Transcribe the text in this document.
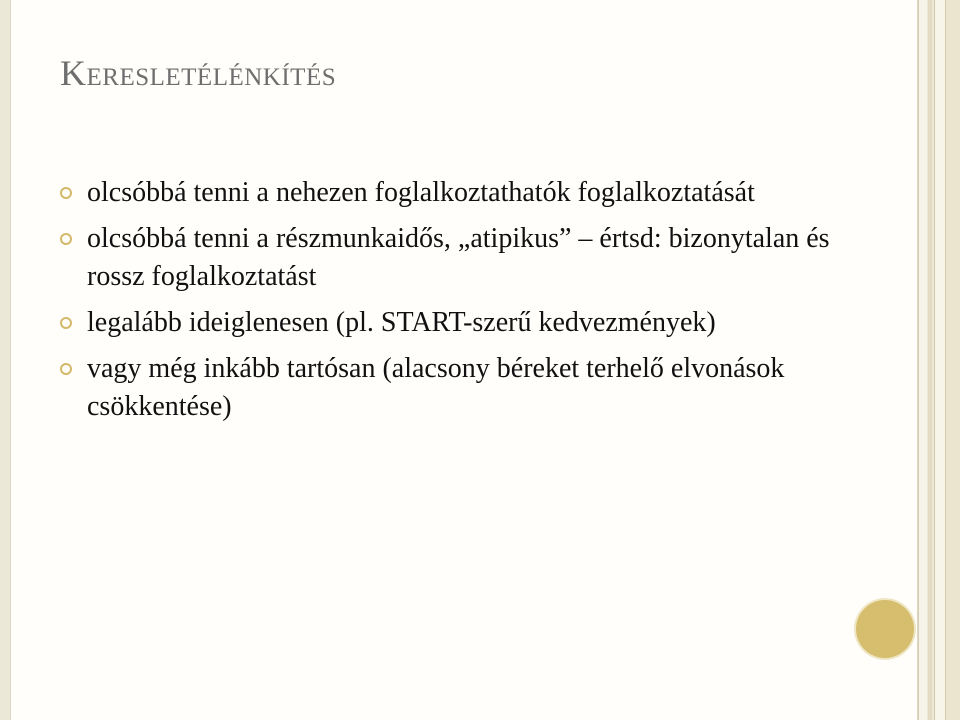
Keresletélénkítés
olcsóbbá tenni a nehezen foglalkoztathatók foglalkoztatását
olcsóbbá tenni a részmunkaidős, „atipikus” – értsd: bizonytalan és rossz foglalkoztatást
legalább ideiglenesen (pl. START-szerű kedvezmények)
vagy még inkább tartósan (alacsony béreket terhelő elvonások csökkentése)
